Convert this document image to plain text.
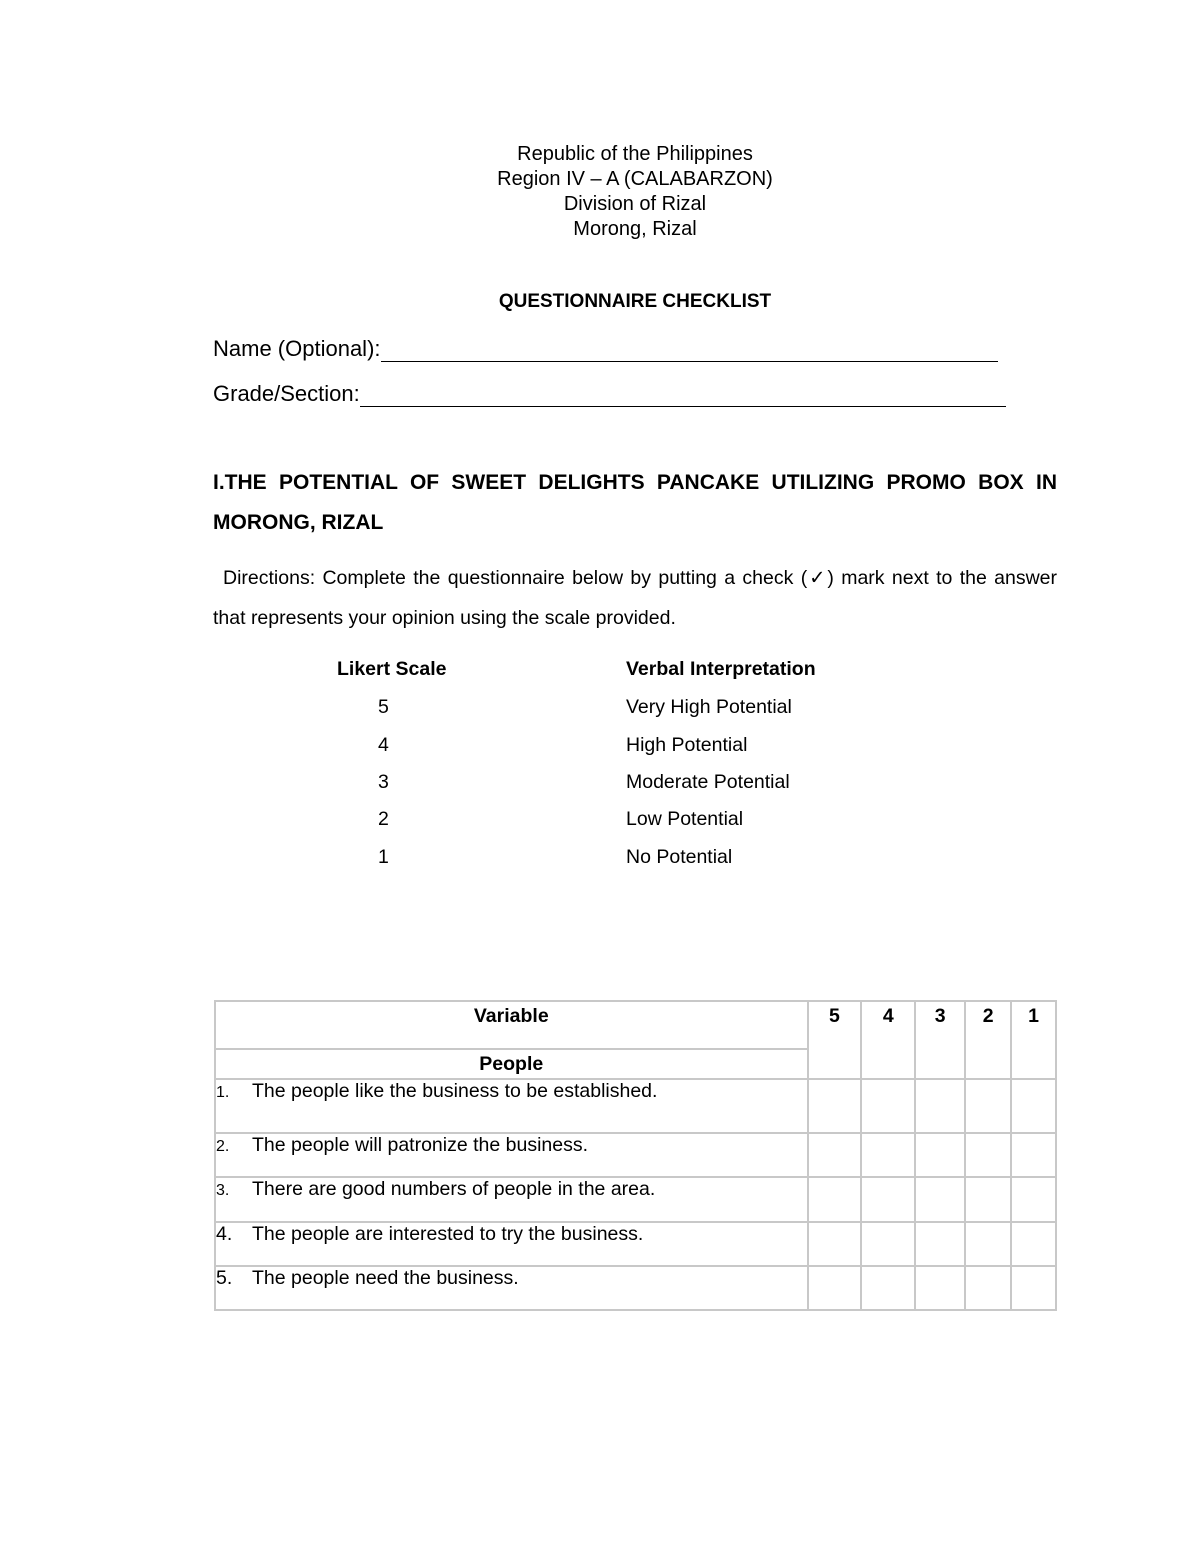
Republic of the Philippines
Region IV – A (CALABARZON)
Division of Rizal
Morong, Rizal
QUESTIONNAIRE CHECKLIST
Name (Optional):
Grade/Section:
I.THE POTENTIAL OF SWEET DELIGHTS PANCAKE UTILIZING PROMO BOX IN MORONG, RIZAL
Directions: Complete the questionnaire below by putting a check (✓) mark next to the answer that represents your opinion using the scale provided.
Likert Scale	Verbal Interpretation
5	Very High Potential
4	High Potential
3	Moderate Potential
2	Low Potential
1	No Potential
Variable	5	4	3	2	1
People					
1. The people like the business to be established.					
2. The people will patronize the business.					
3. There are good numbers of people in the area.					
4. The people are interested to try the business.					
5. The people need the business.					
